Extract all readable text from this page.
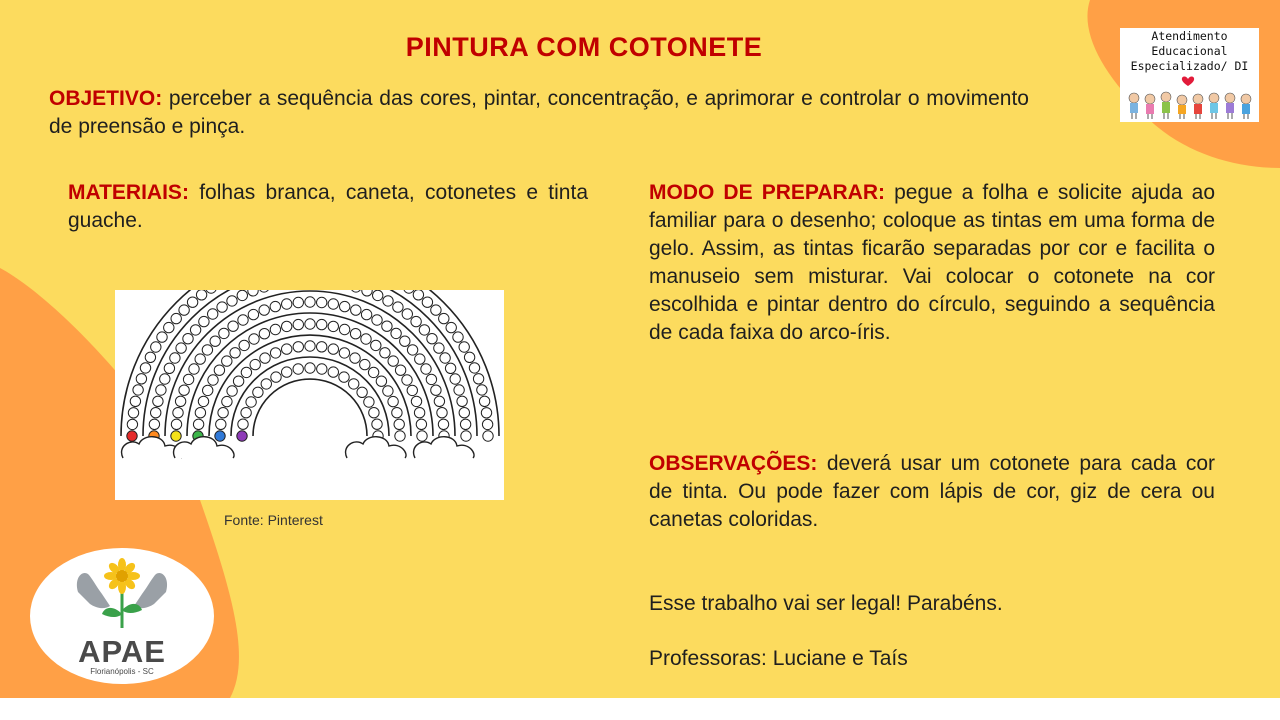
PINTURA COM COTONETE
OBJETIVO: perceber a sequência das cores, pintar, concentração, e aprimorar e controlar o movimento de preensão e pinça.
MATERIAIS: folhas branca, caneta, cotonetes e tinta guache.
MODO DE PREPARAR: pegue a folha e solicite ajuda ao familiar para o desenho; coloque as tintas em uma forma de gelo. Assim, as tintas ficarão separadas por cor e facilita o manuseio sem misturar. Vai colocar o cotonete na cor escolhida e pintar dentro do círculo, seguindo a sequência de cada faixa do arco-íris.
OBSERVAÇÕES: deverá usar um cotonete para cada cor de tinta. Ou pode fazer com lápis de cor, giz de cera ou canetas coloridas.
Esse trabalho vai ser legal! Parabéns.
Professoras: Luciane e Taís
Fonte: Pinterest
Atendimento
Educacional
Especializado/ DI
APAE
Florianópolis - SC
